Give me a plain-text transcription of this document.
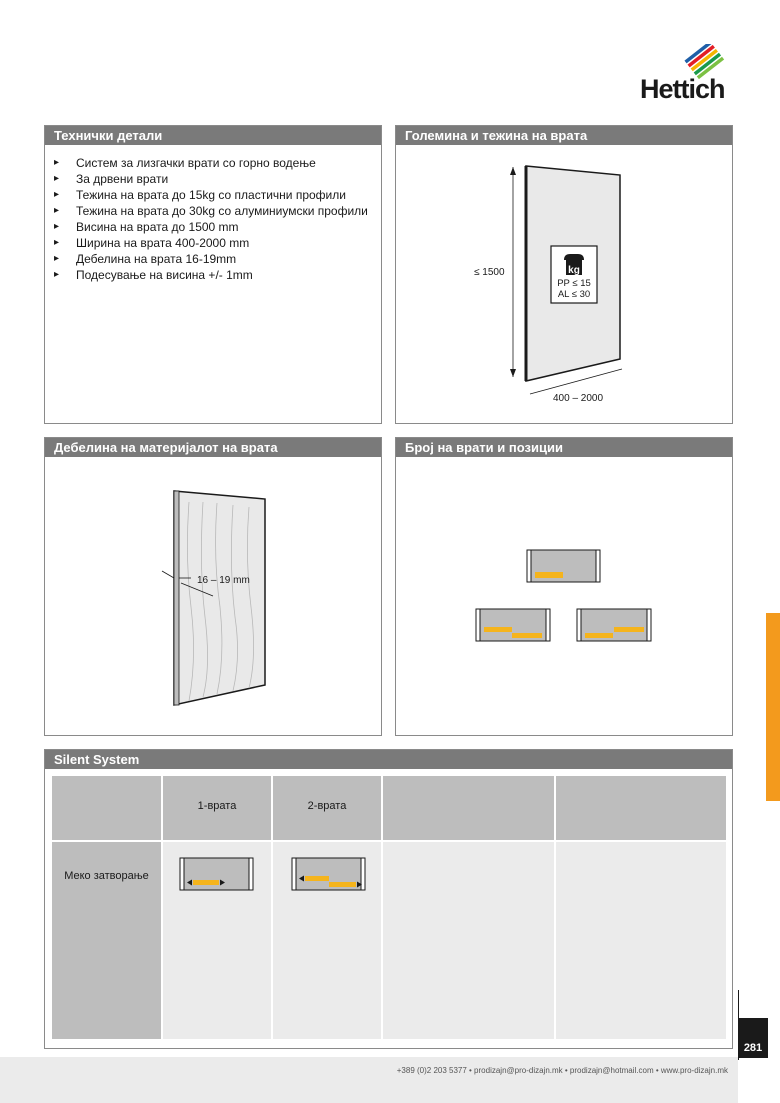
Hettich
Технички детали
▸ Систем за лизгачки врати со горно водење
▸ За дрвени врати
▸ Тежина на врата до 15kg со пластични профили
▸ Тежина на врата до 30kg со алуминиумски профили
▸ Висина на врата до 1500 mm
▸ Ширина на врата 400-2000 mm
▸ Дебелина на врата 16-19mm
▸ Подесување на висина +/- 1mm
Големина и тежина на врата
≤ 1500
400 – 2000
kg
PP ≤ 15
AL ≤ 30
Дебелина на материјалот на врата
16 – 19 mm
Број на врати и позиции
Silent System
1-врата	2-врата
Меко затворање
+389 (0)2 203 5377 • prodizajn@pro-dizajn.mk • prodizajn@hotmail.com • www.pro-dizajn.mk
281
